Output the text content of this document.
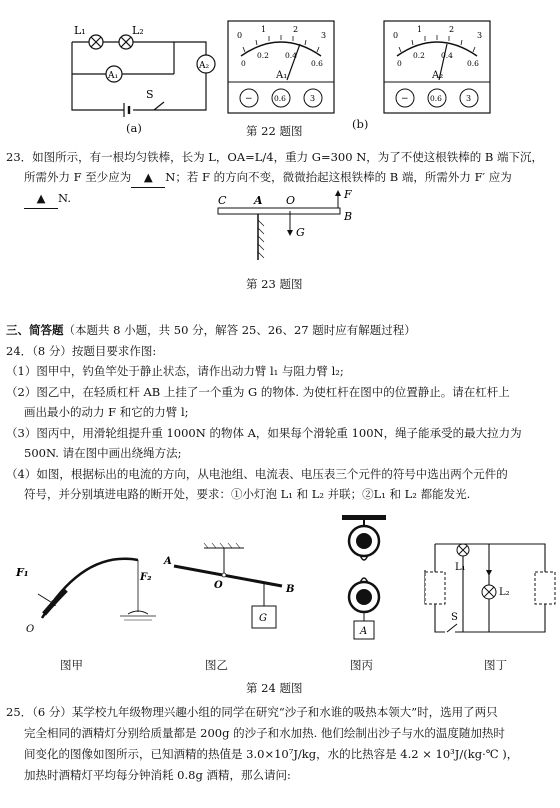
L₁	L₂
A₁
A₂
S
(a)
0
1	2
3
0
0.2 0.4
0.6
A₁
−	0.6	3
0
1	2
3
0
0.2 0.4
0.6
A₂
−	0.6	3
第 22 题图	(b)
23．如图所示，有一根均匀铁棒，长为 L，OA=L/4，重力 G=300 N，为了不使这根铁棒的 B 端下沉，
所需外力 F 至少应为 ▲ N；若 F 的方向不变，微微抬起这根铁棒的 B 端，所需外力 F′ 应为
▲ N.	C	A O	F
B
G
第 23 题图
三、简答题（本题共 8 小题，共 50 分，解答 25、26、27 题时应有解题过程）
24．（8 分）按题目要求作图:
（1）图甲中，钓鱼竿处于静止状态，请作出动力臂 l₁ 与阻力臂 l₂;
（2）图乙中，在轻质杠杆 AB 上挂了一个重为 G 的物体. 为使杠杆在图中的位置静止。请在杠杆上
画出最小的动力 F 和它的力臂 l;
（3）图丙中，用滑轮组提升重 1000N 的物体 A，如果每个滑轮重 100N，绳子能承受的最大拉力为
500N. 请在图中画出绕绳方法;
（4）如图，根据标出的电流的方向，从电池组、电流表、电压表三个元件的符号中选出两个元件的
符号，并分别填进电路的断开处，要求：①小灯泡 L₁ 和 L₂ 并联；②L₁ 和 L₂ 都能发光.
F₁	F₂
O
图甲
A
O	B
G
图乙
A
图丙
L₁
L₂
S
图丁
第 24 题图
25．（6 分）某学校九年级物理兴趣小组的同学在研究“沙子和水谁的吸热本领大”时，选用了两只
完全相同的酒精灯分别给质量都是 200g 的沙子和水加热. 他们绘制出沙子与水的温度随加热时
间变化的图像如图所示，已知酒精的热值是 3.0×10⁷J/kg，水的比热容是 4.2 × 10³J/(kg·℃ )，
加热时酒精灯平均每分钟消耗 0.8g 酒精，那么请问:
